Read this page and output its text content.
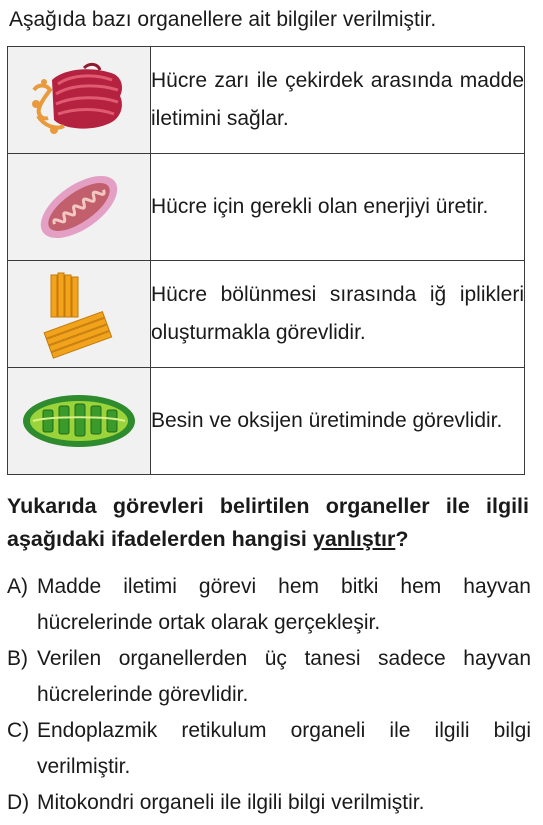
Aşağıda bazı organellere ait bilgiler verilmiştir.
	Hücre zarı ile çekirdek arasında madde iletimini sağlar.

	Hücre için gerekli olan enerjiyi üretir.

	Hücre bölünmesi sırasında iğ iplikleri oluşturmakla görevlidir.

	Besin ve oksijen üretiminde görevlidir.
Yukarıda görevleri belirtilen organeller ile ilgili aşağıdaki ifadelerden hangisi yanlıştır?
A) Madde iletimi görevi hem bitki hem hayvan hücrelerinde ortak olarak gerçekleşir.
B) Verilen organellerden üç tanesi sadece hayvan hücrelerinde görevlidir.
C) Endoplazmik retikulum organeli ile ilgili bilgi verilmiştir.
D) Mitokondri organeli ile ilgili bilgi verilmiştir.
